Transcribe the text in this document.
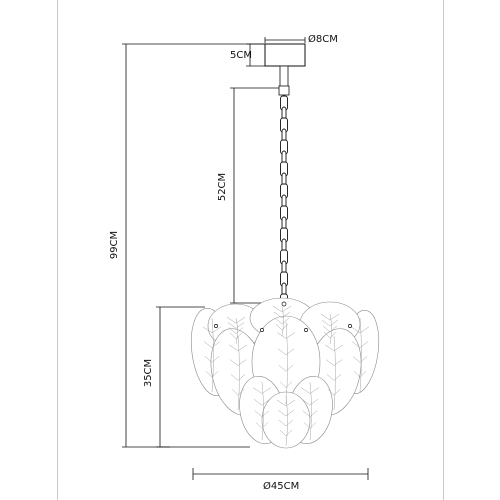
Ø8CM
5CM
52CM
99CM
35CM
Ø45CM
